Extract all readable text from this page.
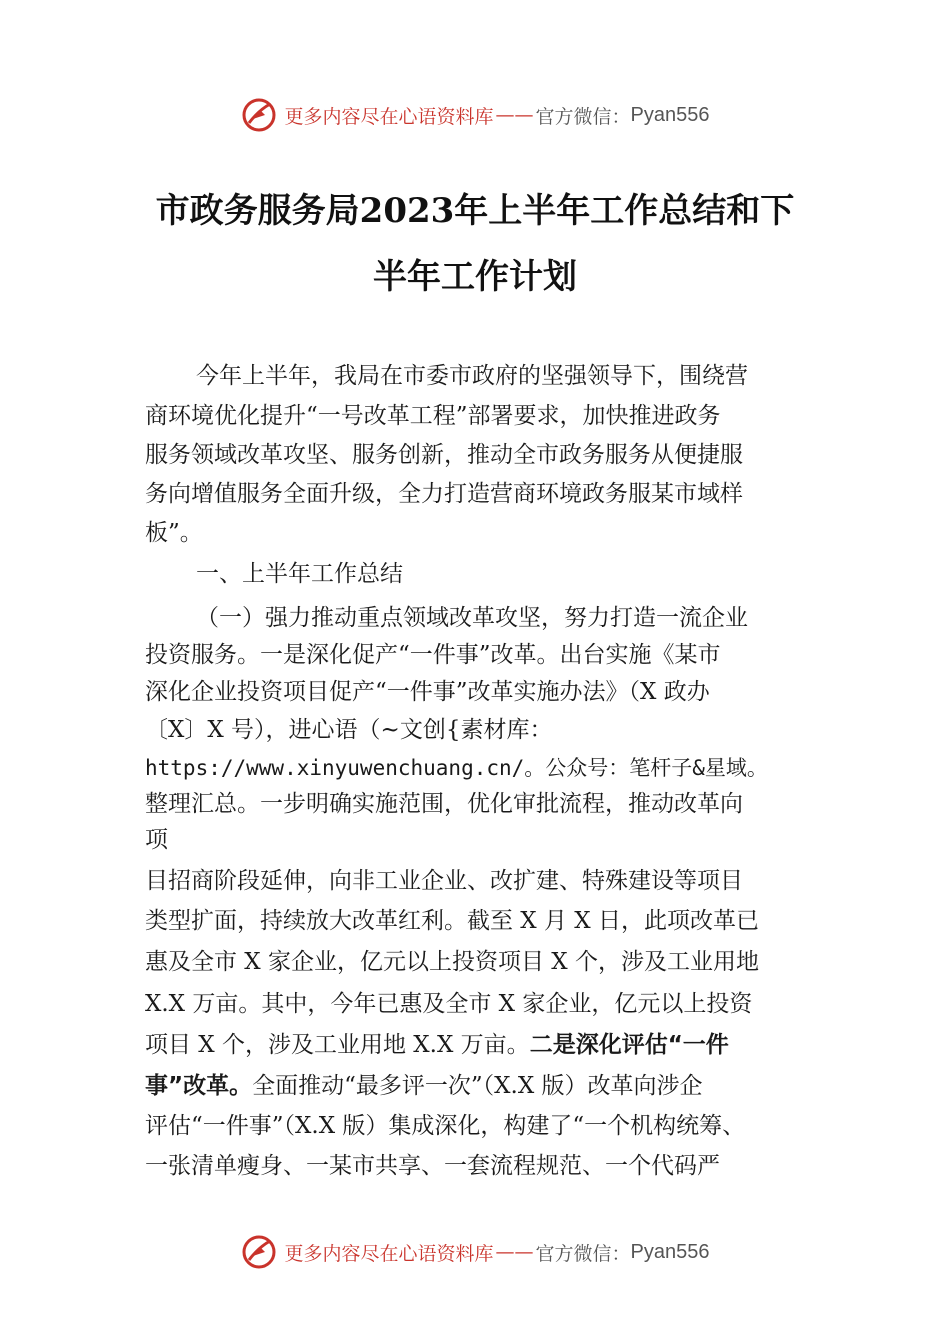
更多内容尽在心语资料库 —— 官方微信： Pyan556
市政务服务局2023年上半年工作总结和下
半年工作计划
今年上半年，我局在市委市政府的坚强领导下，围绕营
商环境优化提升“一号改革工程”部署要求，加快推进政务
服务领域改革攻坚、服务创新，推动全市政务服务从便捷服
务向增值服务全面升级，全力打造营商环境政务服某市域样
板”。
一、上半年工作总结
（一）强力推动重点领域改革攻坚，努力打造一流企业
投资服务。一是深化促产“一件事”改革。出台实施《某市
深化企业投资项目促产“一件事”改革实施办法》（X 政办
〔X〕X 号），进心语（~文创{素材库：
https://www.xinyuwenchuang.cn/。公众号：笔杆子&星域。
整理汇总。一步明确实施范围，优化审批流程，推动改革向
项
目招商阶段延伸，向非工业企业、改扩建、特殊建设等项目
类型扩面，持续放大改革红利。截至 X 月 X 日，此项改革已
惠及全市 X 家企业，亿元以上投资项目 X 个，涉及工业用地
X.X 万亩。其中，今年已惠及全市 X 家企业，亿元以上投资
项目 X 个，涉及工业用地 X.X 万亩。二是深化评估“一件
事”改革。全面推动“最多评一次”（X.X 版）改革向涉企
评估“一件事”（X.X 版）集成深化，构建了“一个机构统筹、
一张清单瘦身、一某市共享、一套流程规范、一个代码严
更多内容尽在心语资料库 —— 官方微信： Pyan556
